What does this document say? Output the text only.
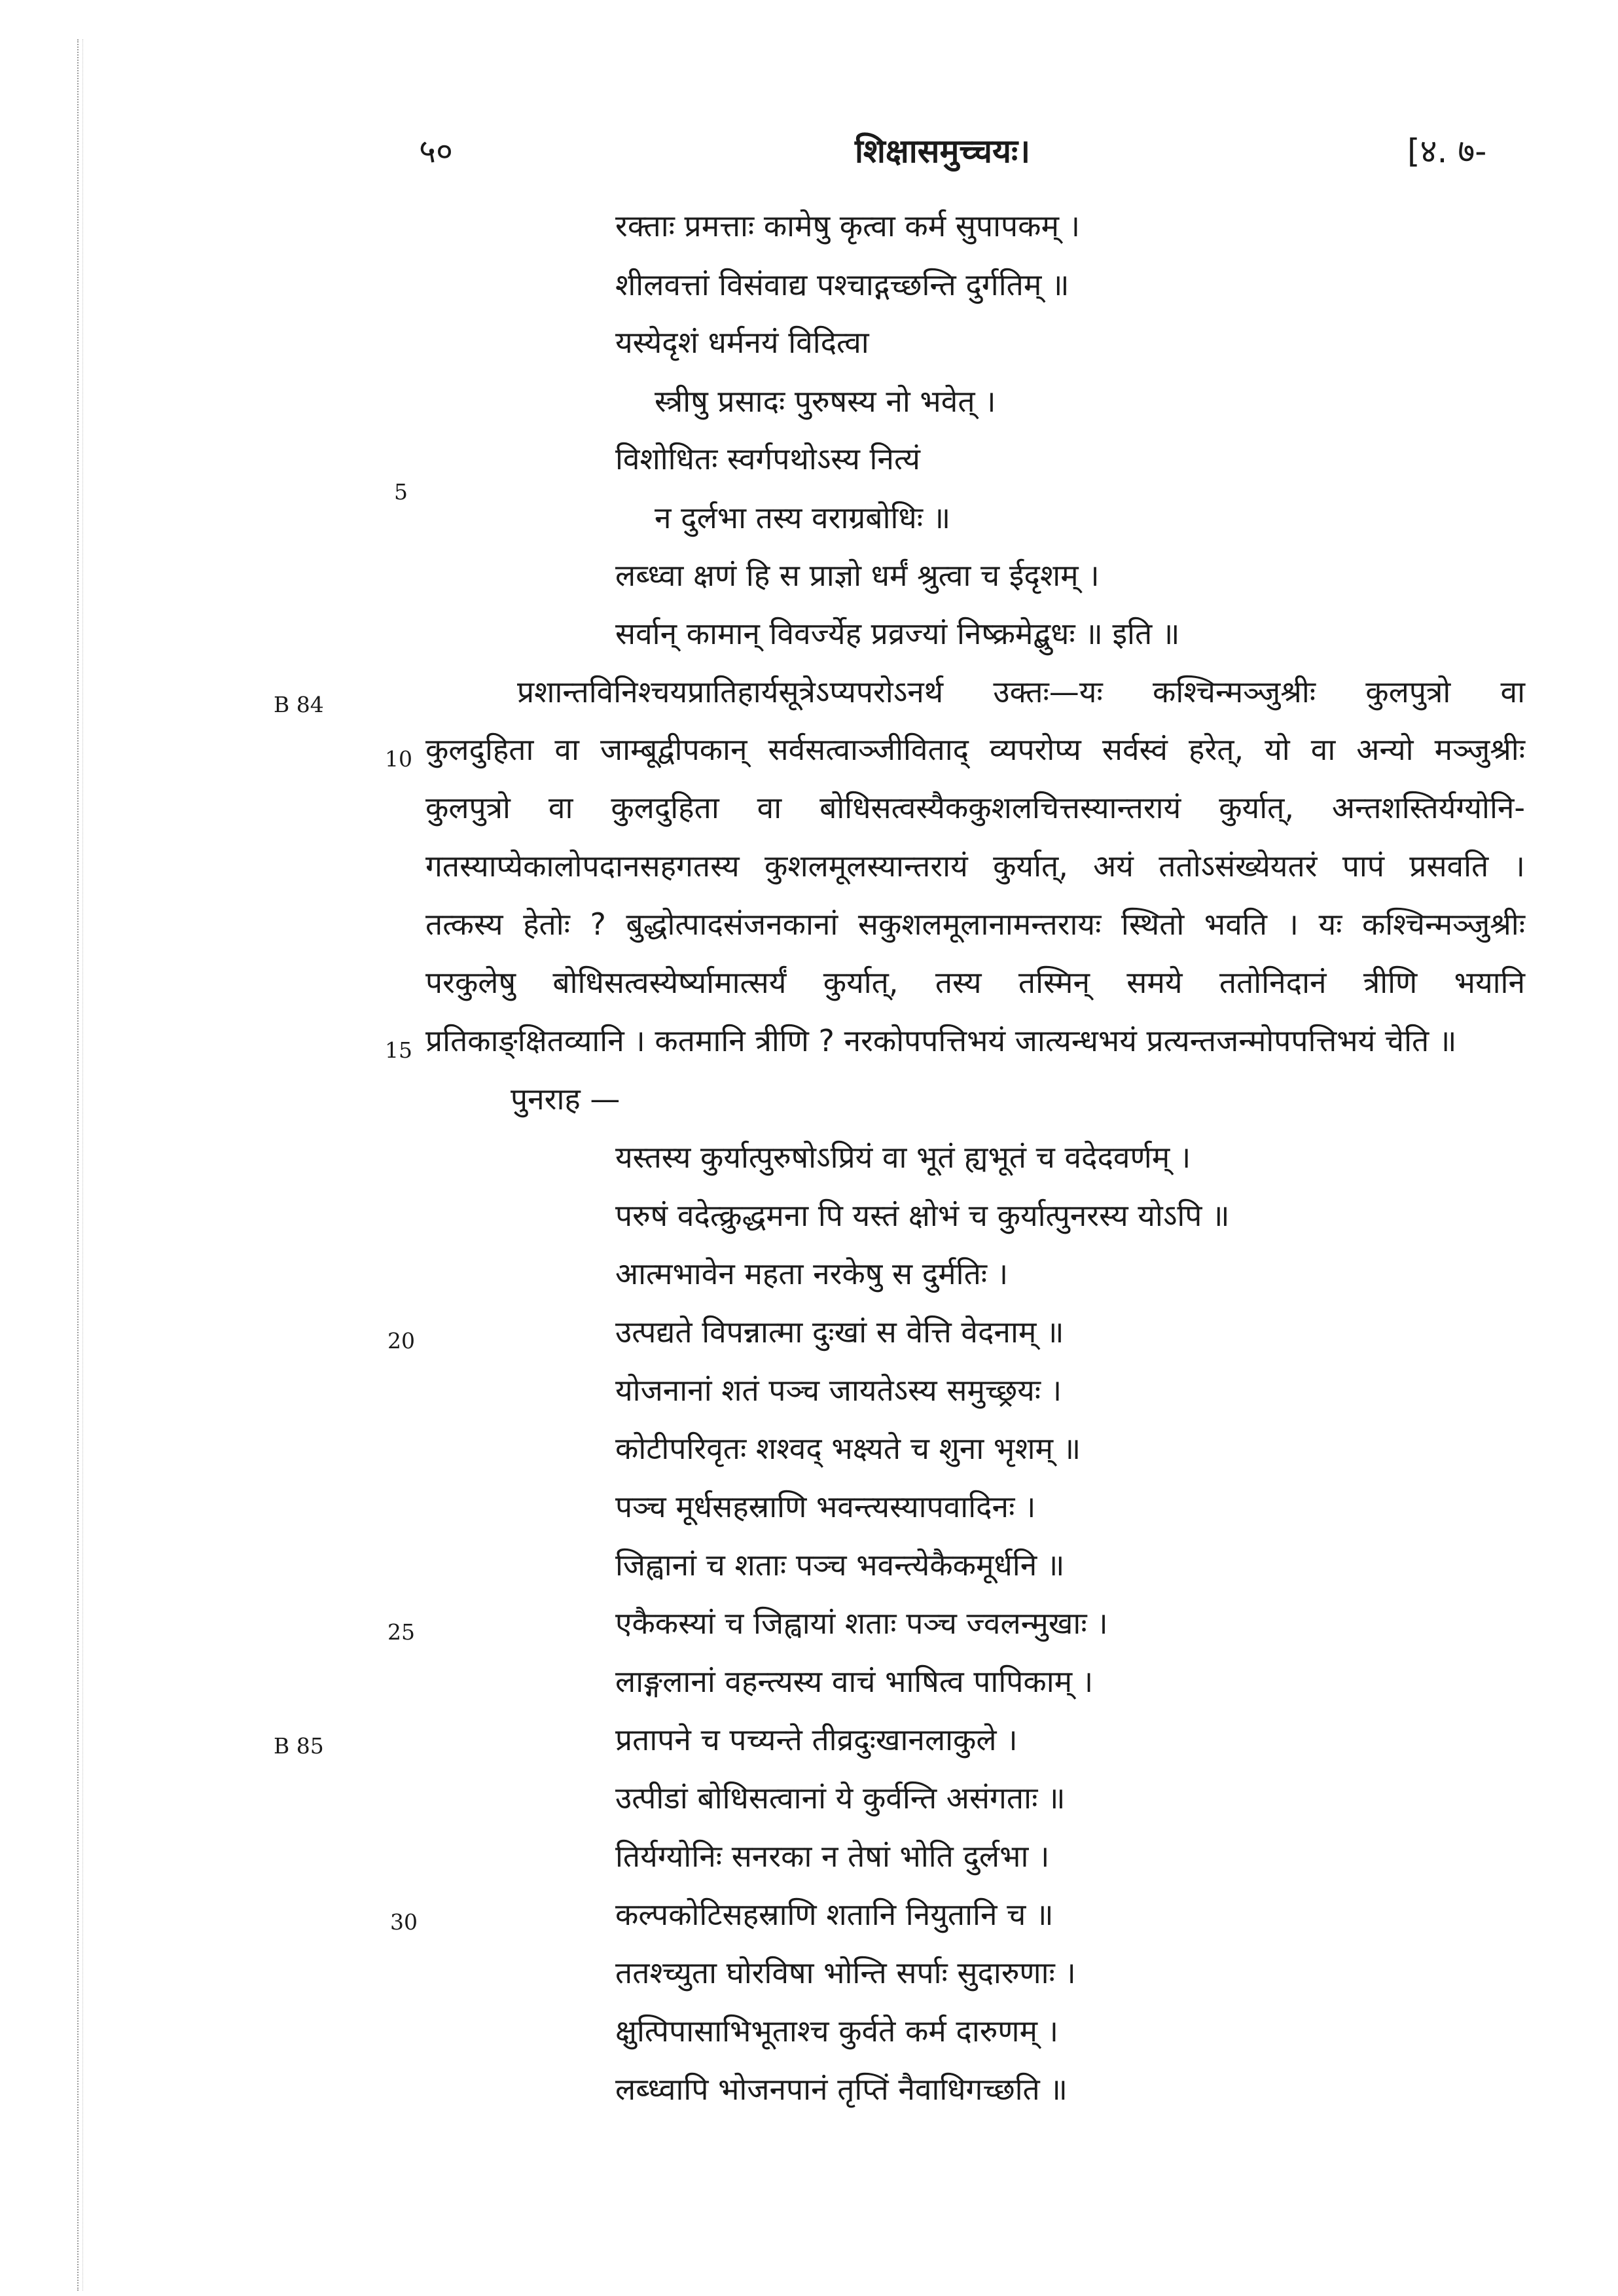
५०	शिक्षासमुच्चयः।	[४. ७-
B 84
B 85
5
10
15
20
25
30

रक्ताः प्रमत्ताः कामेषु कृत्वा कर्म सुपापकम् ।

शीलवत्तां विसंवाद्य पश्चाद्गच्छन्ति दुर्गतिम् ॥

यस्येदृशं धर्मनयं विदित्वा

स्त्रीषु प्रसादः पुरुषस्य नो भवेत् ।

विशोधितः स्वर्गपथोऽस्य नित्यं

न दुर्लभा तस्य वराग्रबोधिः ॥

लब्ध्वा क्षणं हि स प्राज्ञो धर्मं श्रुत्वा च ईदृशम् ।

सर्वान् कामान् विवर्ज्येह प्रव्रज्यां निष्क्रमेद्बुधः ॥ इति ॥

प्रशान्तविनिश्चयप्रातिहार्यसूत्रेऽप्यपरोऽनर्थ उक्तः—यः कश्चिन्मञ्जुश्रीः कुलपुत्रो वा

कुलदुहिता वा जाम्बूद्वीपकान् सर्वसत्वाञ्जीविताद् व्यपरोप्य सर्वस्वं हरेत्, यो वा अन्यो मञ्जुश्रीः

कुलपुत्रो वा कुलदुहिता वा बोधिसत्वस्यैककुशलचित्तस्यान्तरायं कुर्यात्, अन्तशस्तिर्यग्योनि-

गतस्याप्येकालोपदानसहगतस्य कुशलमूलस्यान्तरायं कुर्यात्, अयं ततोऽसंख्येयतरं पापं प्रसवति ।

तत्कस्य हेतोः ? बुद्धोत्पादसंजनकानां सकुशलमूलानामन्तरायः स्थितो भवति । यः कश्चिन्मञ्जुश्रीः

परकुलेषु बोधिसत्वस्येर्ष्यामात्सर्यं कुर्यात्, तस्य तस्मिन् समये ततोनिदानं त्रीणि भयानि

प्रतिकाङ्क्षितव्यानि । कतमानि त्रीणि ? नरकोपपत्तिभयं जात्यन्धभयं प्रत्यन्तजन्मोपपत्तिभयं चेति ॥

पुनराह —

यस्तस्य कुर्यात्पुरुषोऽप्रियं वा भूतं ह्यभूतं च वदेदवर्णम् ।

परुषं वदेत्क्रुद्धमना पि यस्तं क्षोभं च कुर्यात्पुनरस्य योऽपि ॥

आत्मभावेन महता नरकेषु स दुर्मतिः ।

उत्पद्यते विपन्नात्मा दुःखां स वेत्ति वेदनाम् ॥

योजनानां शतं पञ्च जायतेऽस्य समुच्छ्रयः ।

कोटीपरिवृतः शश्वद् भक्ष्यते च शुना भृशम् ॥

पञ्च मूर्धसहस्राणि भवन्त्यस्यापवादिनः ।

जिह्वानां च शताः पञ्च भवन्त्येकैकमूर्धनि ॥

एकैकस्यां च जिह्वायां शताः पञ्च ज्वलन्मुखाः ।

लाङ्गलानां वहन्त्यस्य वाचं भाषित्व पापिकाम् ।

प्रतापने च पच्यन्ते तीव्रदुःखानलाकुले ।

उत्पीडां बोधिसत्वानां ये कुर्वन्ति असंगताः ॥

तिर्यग्योनिः सनरका न तेषां भोति दुर्लभा ।

कल्पकोटिसहस्राणि शतानि नियुतानि च ॥

ततश्च्युता घोरविषा भोन्ति सर्पाः सुदारुणाः ।

क्षुत्पिपासाभिभूताश्च कुर्वते कर्म दारुणम् ।

लब्ध्वापि भोजनपानं तृप्तिं नैवाधिगच्छति ॥
